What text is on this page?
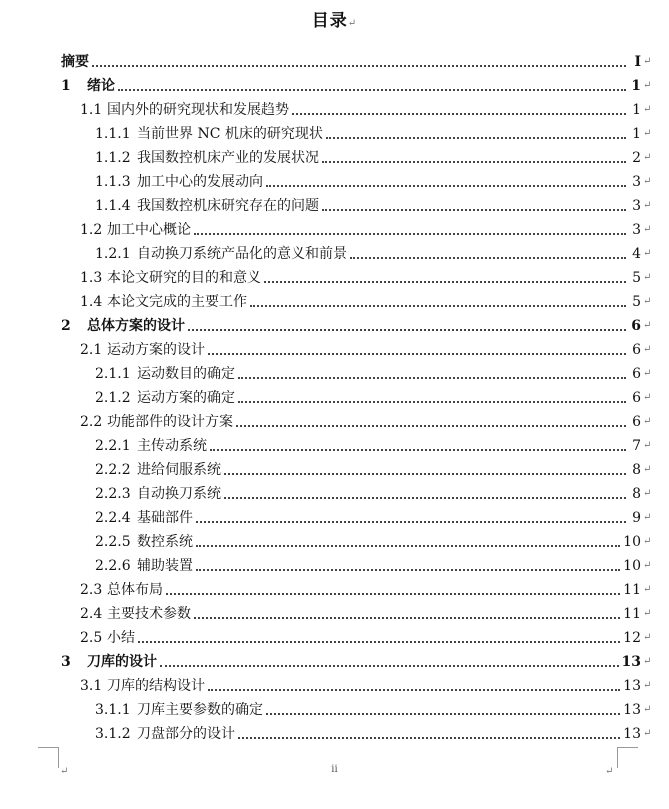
目录↵
摘要	I ↵
1	绪论	1 ↵
1.1 国内外的研究现状和发展趋势	1 ↵
1.1.1 当前世界 NC 机床的研究现状	1 ↵
1.1.2 我国数控机床产业的发展状况	2 ↵
1.1.3 加工中心的发展动向	3 ↵
1.1.4 我国数控机床研究存在的问题	3 ↵
1.2 加工中心概论	3 ↵
1.2.1 自动换刀系统产品化的意义和前景	4 ↵
1.3 本论文研究的目的和意义	5 ↵
1.4 本论文完成的主要工作	5 ↵
2	总体方案的设计	6 ↵
2.1 运动方案的设计	6 ↵
2.1.1 运动数目的确定	6 ↵
2.1.2 运动方案的确定	6 ↵
2.2 功能部件的设计方案	6 ↵
2.2.1 主传动系统	7 ↵
2.2.2 进给伺服系统	8 ↵
2.2.3 自动换刀系统	8 ↵
2.2.4 基础部件	9 ↵
2.2.5 数控系统	10 ↵
2.2.6 辅助装置	10 ↵
2.3 总体布局	11 ↵
2.4 主要技术参数	11 ↵
2.5 小结	12 ↵
3	刀库的设计	13 ↵
3.1 刀库的结构设计	13 ↵
3.1.1 刀库主要参数的确定	13 ↵
3.1.2 刀盘部分的设计	13 ↵
↵	↵
ii
